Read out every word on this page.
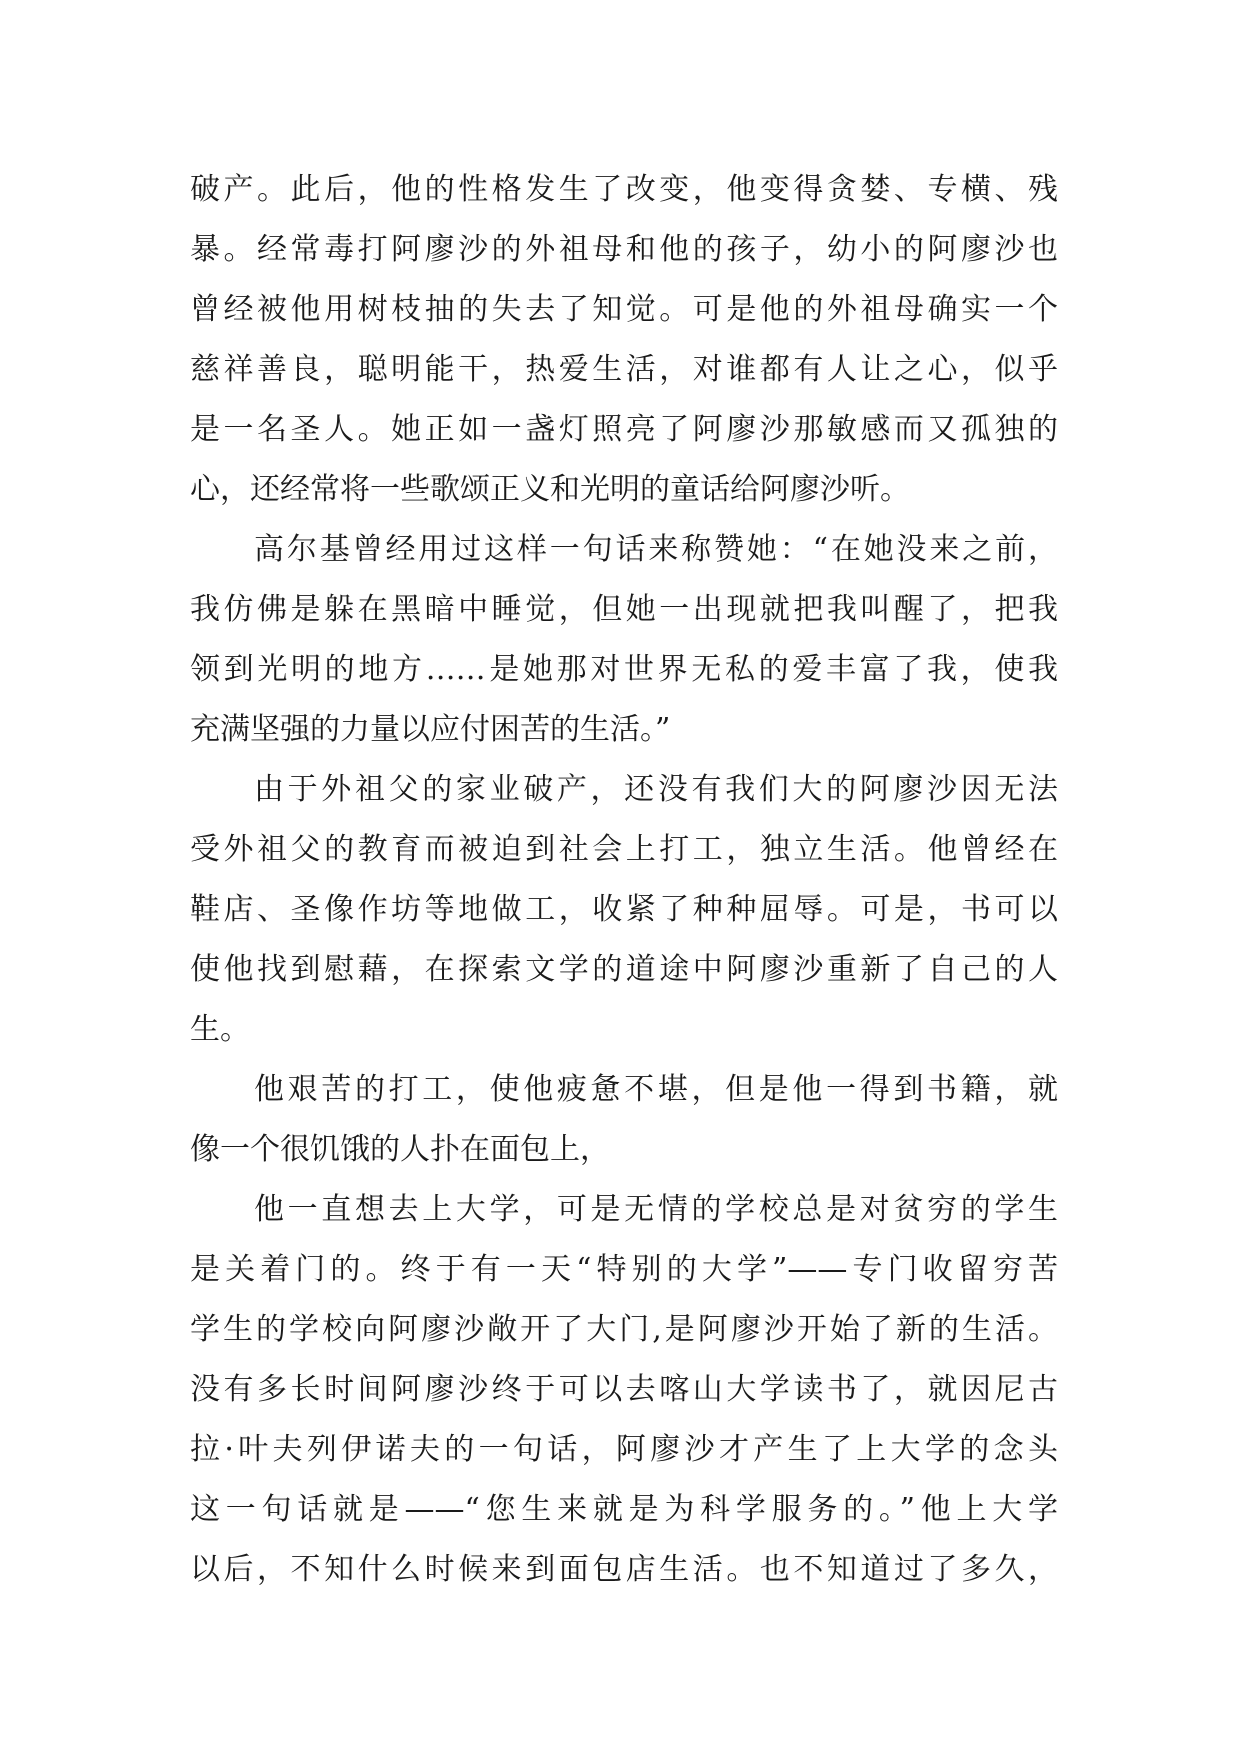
破产。此后，他的性格发生了改变，他变得贪婪、专横、残
暴。经常毒打阿廖沙的外祖母和他的孩子，幼小的阿廖沙也
曾经被他用树枝抽的失去了知觉。可是他的外祖母确实一个
慈祥善良，聪明能干，热爱生活，对谁都有人让之心，似乎
是一名圣人。她正如一盏灯照亮了阿廖沙那敏感而又孤独的
心，还经常将一些歌颂正义和光明的童话给阿廖沙听。
高尔基曾经用过这样一句话来称赞她：“在她没来之前，
我仿佛是躲在黑暗中睡觉，但她一出现就把我叫醒了，把我
领到光明的地方……是她那对世界无私的爱丰富了我，使我
充满坚强的力量以应付困苦的生活。”
由于外祖父的家业破产，还没有我们大的阿廖沙因无法
受外祖父的教育而被迫到社会上打工，独立生活。他曾经在
鞋店、圣像作坊等地做工，收紧了种种屈辱。可是，书可以
使他找到慰藉，在探索文学的道途中阿廖沙重新了自己的人
生。
他艰苦的打工，使他疲惫不堪，但是他一得到书籍，就
像一个很饥饿的人扑在面包上，
他一直想去上大学，可是无情的学校总是对贫穷的学生
是关着门的。终于有一天“特别的大学”——专门收留穷苦
学生的学校向阿廖沙敞开了大门,是阿廖沙开始了新的生活。
没有多长时间阿廖沙终于可以去喀山大学读书了，就因尼古
拉·叶夫列伊诺夫的一句话，阿廖沙才产生了上大学的念头
这一句话就是——“您生来就是为科学服务的。”他上大学
以后，不知什么时候来到面包店生活。也不知道过了多久，
